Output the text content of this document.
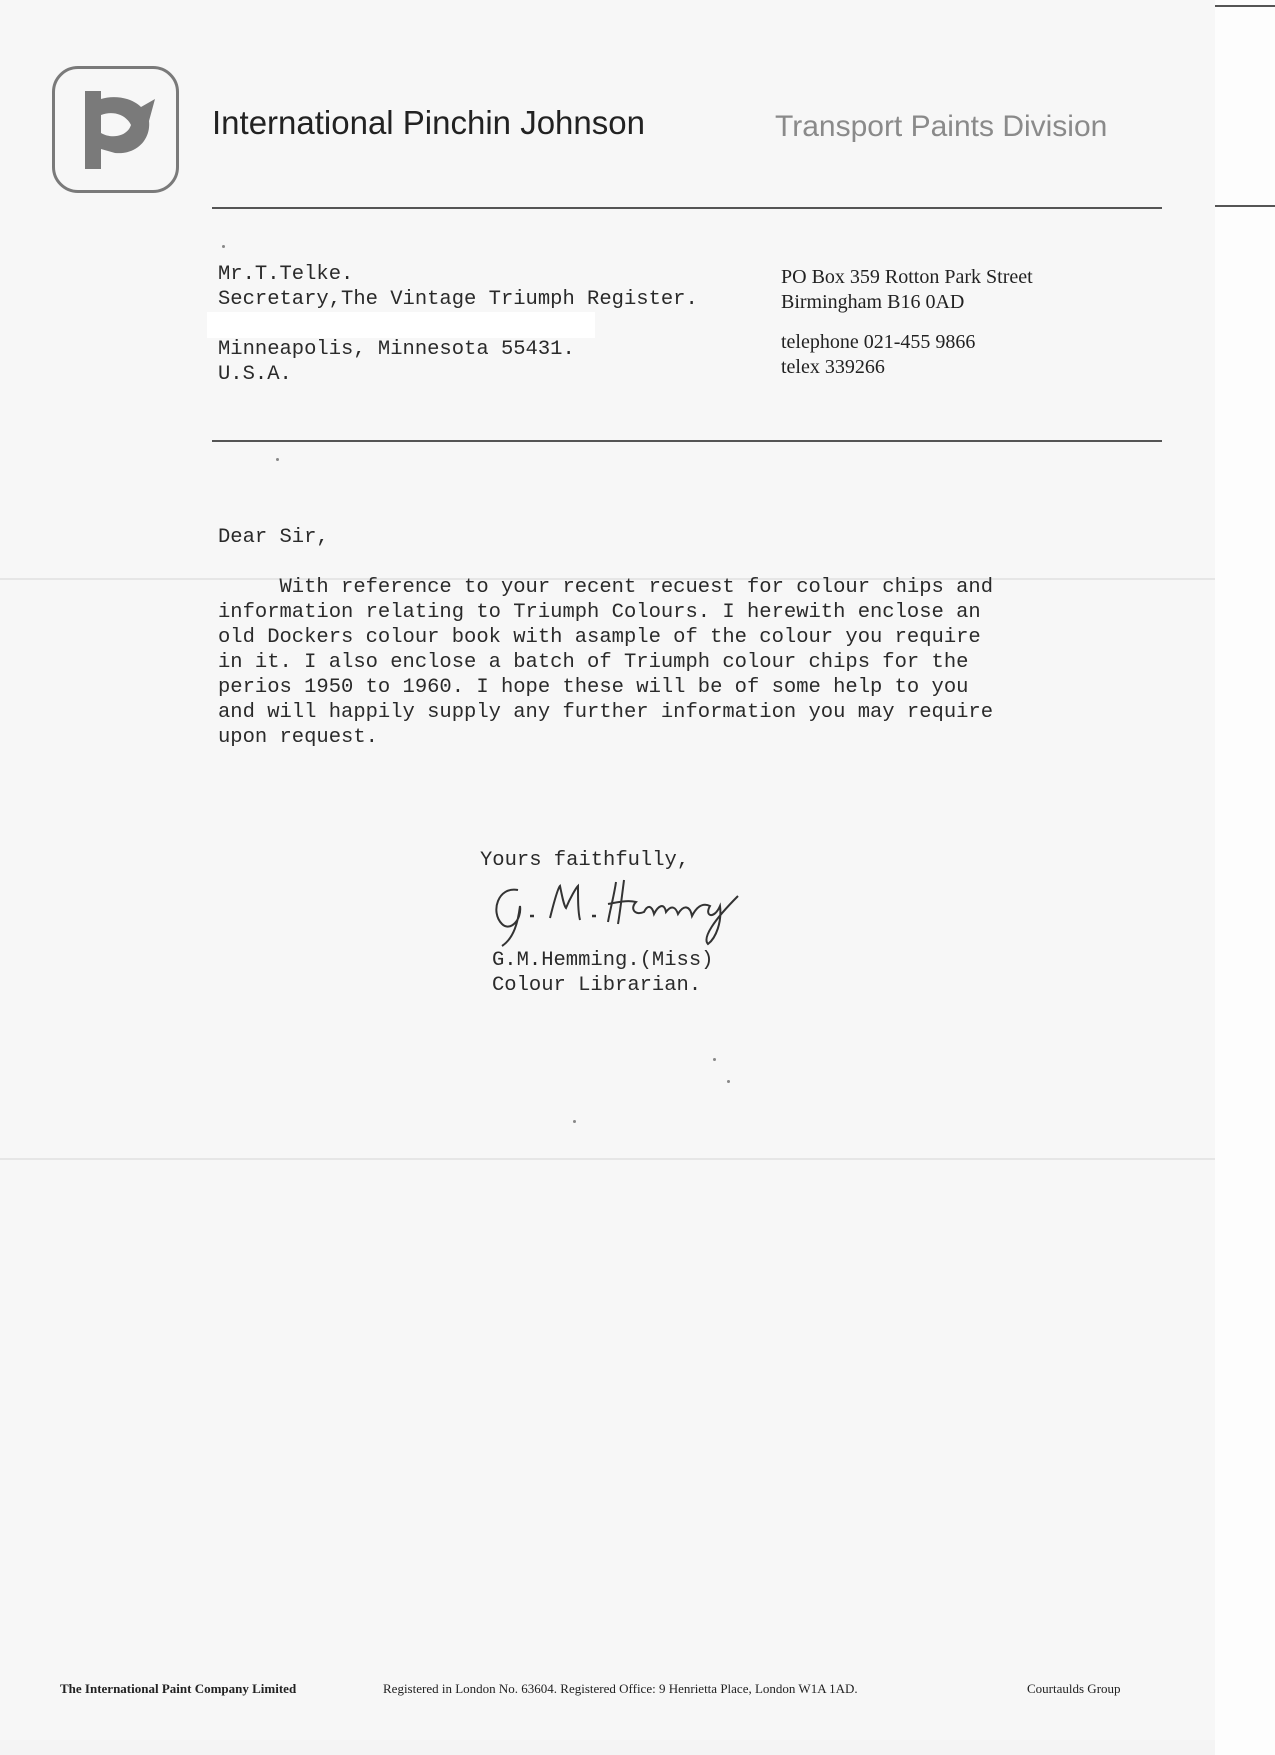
International Pinchin Johnson	Transport Paints Division
Mr.T.Telke.
Secretary,The Vintage Triumph Register.

Minneapolis, Minnesota 55431.
U.S.A.
PO Box 359 Rotton Park Street
Birmingham B16 0AD
telephone 021-455 9866
telex 339266
Dear Sir,
With reference to your recent recuest for colour chips and
information relating to Triumph Colours. I herewith enclose an
old Dockers colour book with asample of the colour you require
in it. I also enclose a batch of Triumph colour chips for the
perios 1950 to 1960. I hope these will be of some help to you
and will happily supply any further information you may require
upon request.
Yours faithfully,
G.M.Hemming.(Miss)
Colour Librarian.
The International Paint Company Limited	Registered in London No. 63604. Registered Office: 9 Henrietta Place, London W1A 1AD.	Courtaulds Group
